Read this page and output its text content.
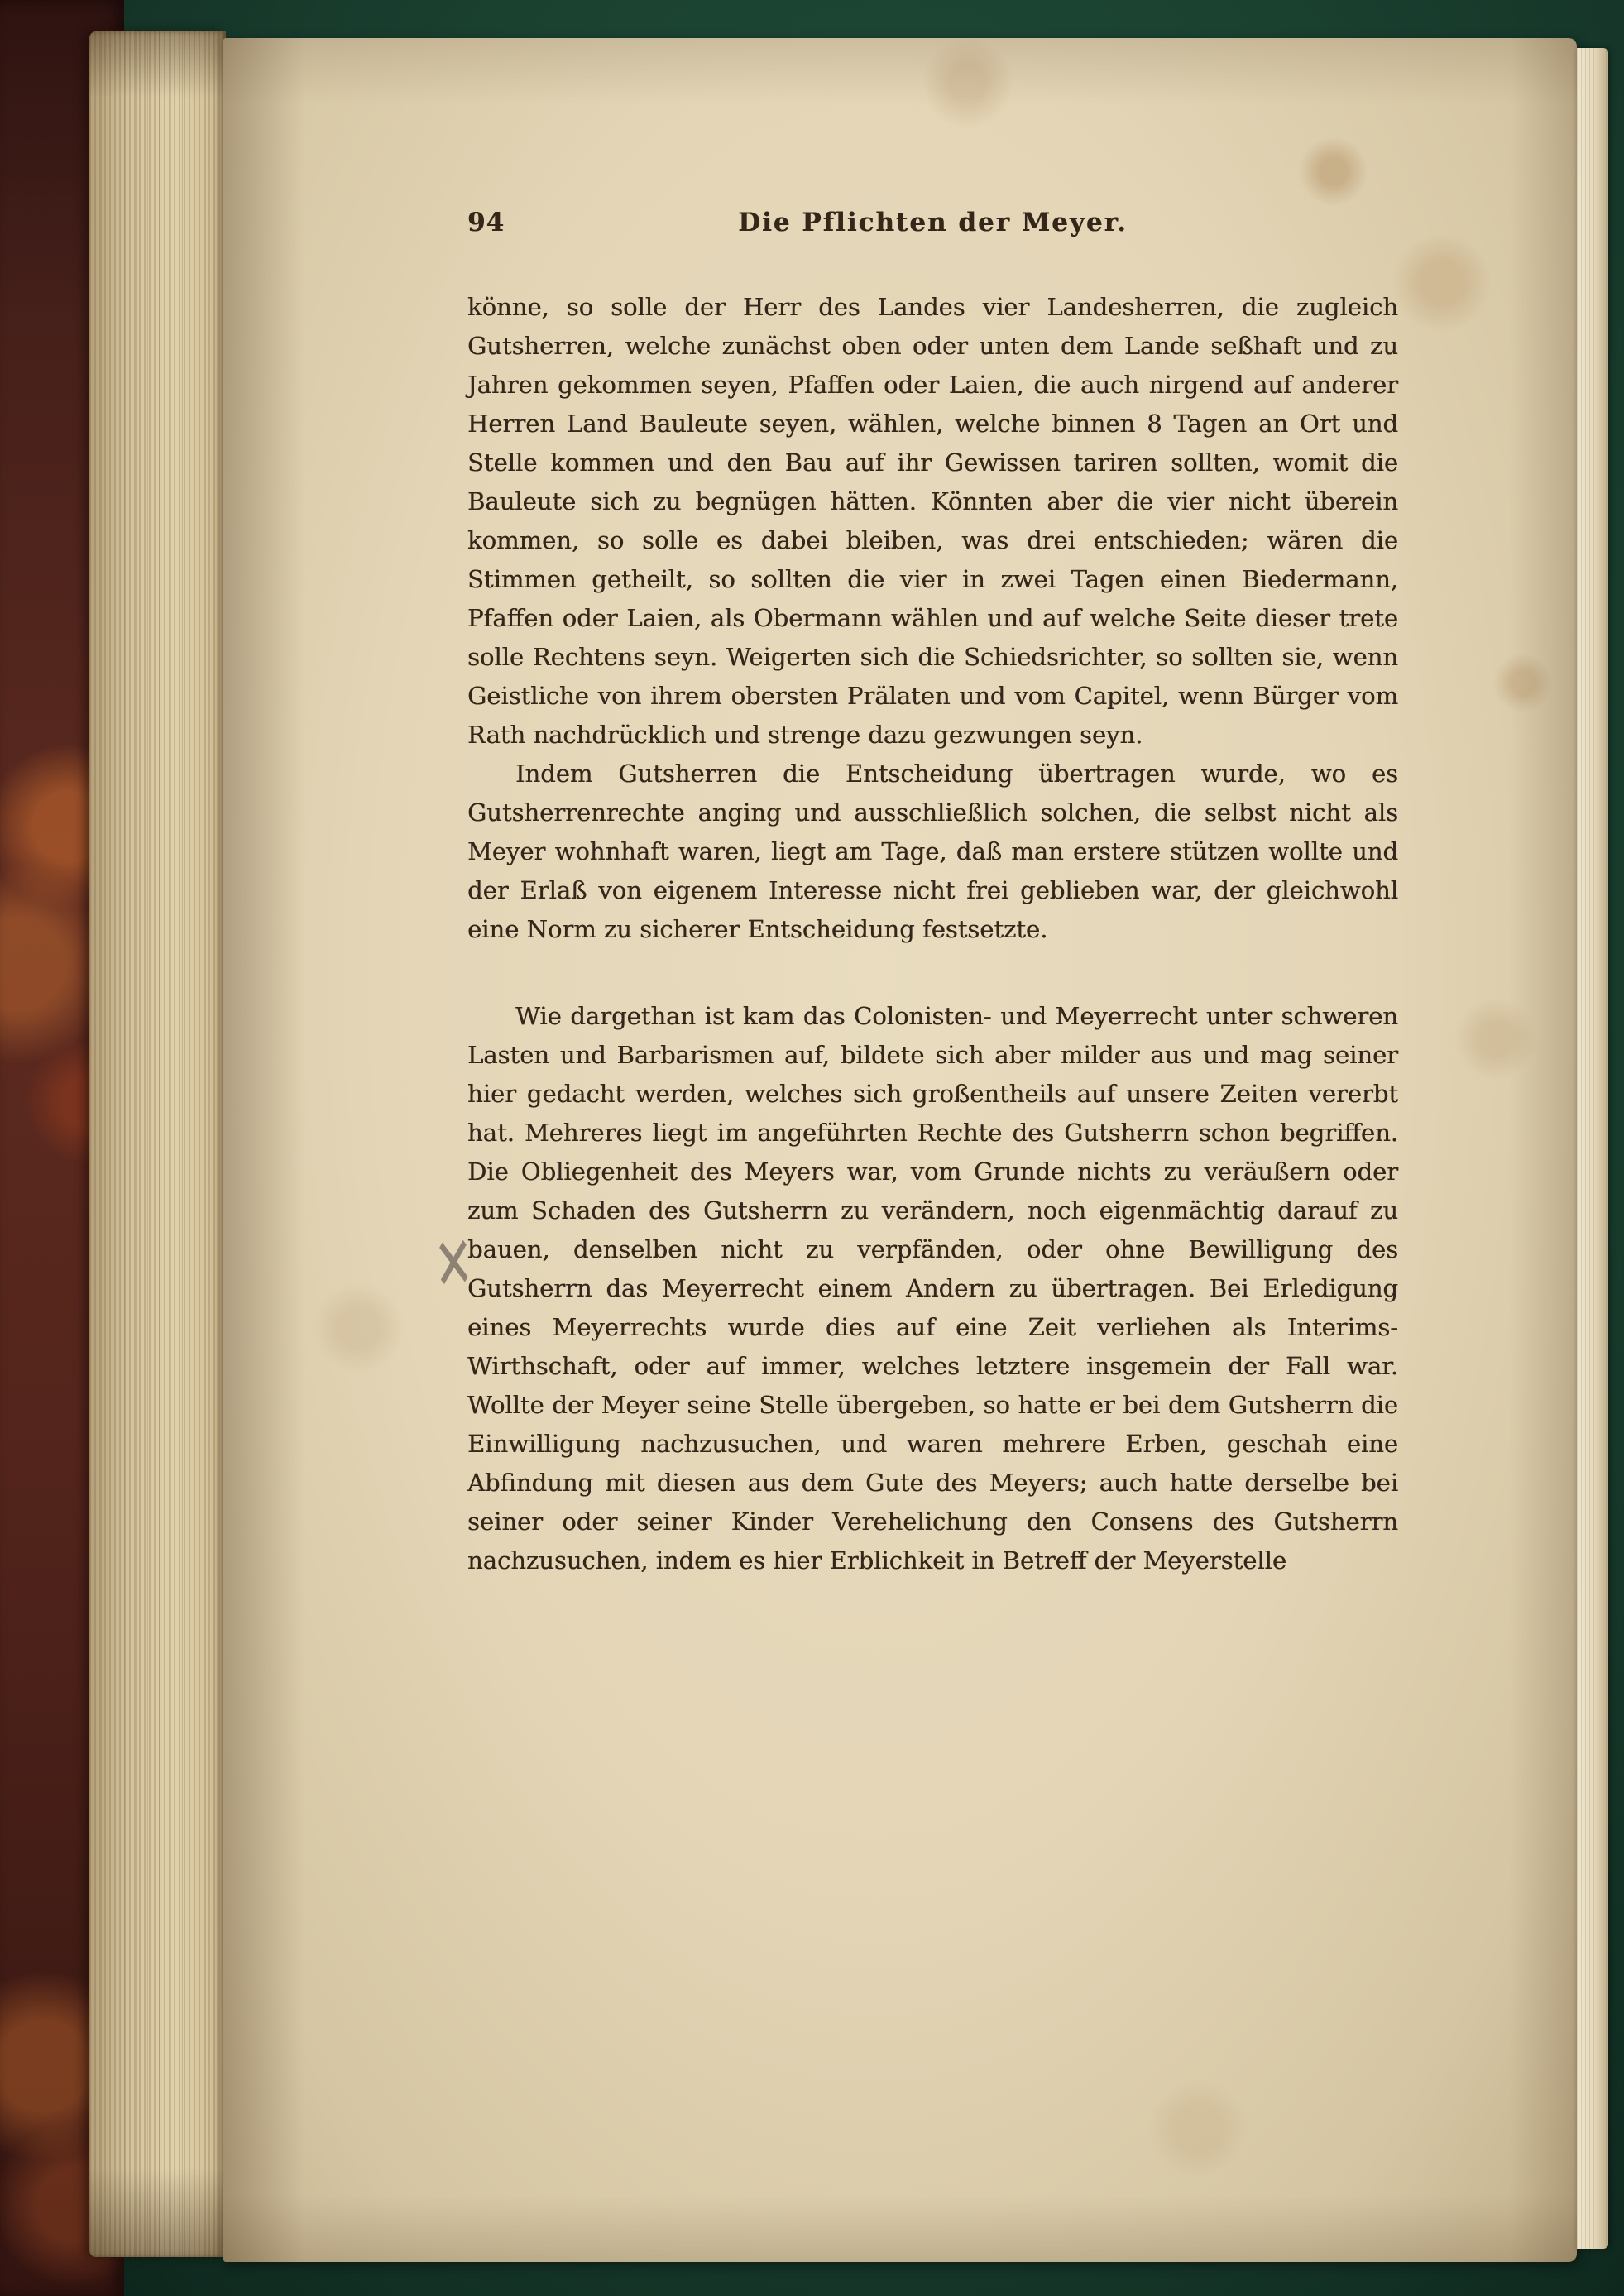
✕
94	Die Pflichten der Meyer.

könne, so solle der Herr des Landes vier Landesherren, die zugleich Gutsherren, welche zunächst oben oder unten dem Lande seßhaft und zu Jahren gekommen seyen, Pfaffen oder Laien, die auch nirgend auf anderer Herren Land Bauleute seyen, wählen, welche binnen 8 Tagen an Ort und Stelle kommen und den Bau auf ihr Gewissen tariren sollten, womit die Bauleute sich zu begnügen hätten. Könnten aber die vier nicht überein kommen, so solle es dabei bleiben, was drei entschieden; wären die Stimmen getheilt, so sollten die vier in zwei Tagen einen Biedermann, Pfaffen oder Laien, als Obermann wählen und auf welche Seite dieser trete solle Rechtens seyn. Weigerten sich die Schiedsrichter, so sollten sie, wenn Geistliche von ihrem obersten Prälaten und vom Capitel, wenn Bürger vom Rath nachdrücklich und strenge dazu gezwungen seyn.

Indem Gutsherren die Entscheidung übertragen wurde, wo es Gutsherrenrechte anging und ausschließlich solchen, die selbst nicht als Meyer wohnhaft waren, liegt am Tage, daß man erstere stützen wollte und der Erlaß von eigenem Interesse nicht frei geblieben war, der gleichwohl eine Norm zu sicherer Entscheidung festsetzte.

Wie dargethan ist kam das Colonisten- und Meyerrecht unter schweren Lasten und Barbarismen auf, bildete sich aber milder aus und mag seiner hier gedacht werden, welches sich großentheils auf unsere Zeiten vererbt hat. Mehreres liegt im angeführten Rechte des Gutsherrn schon begriffen. Die Obliegenheit des Meyers war, vom Grunde nichts zu veräußern oder zum Schaden des Gutsherrn zu verändern, noch eigenmächtig darauf zu bauen, denselben nicht zu verpfänden, oder ohne Bewilligung des Gutsherrn das Meyerrecht einem Andern zu übertragen. Bei Erledigung eines Meyerrechts wurde dies auf eine Zeit verliehen als Interims-Wirthschaft, oder auf immer, welches letztere insgemein der Fall war. Wollte der Meyer seine Stelle übergeben, so hatte er bei dem Gutsherrn die Einwilligung nachzusuchen, und waren mehrere Erben, geschah eine Abfindung mit diesen aus dem Gute des Meyers; auch hatte derselbe bei seiner oder seiner Kinder Verehelichung den Consens des Gutsherrn nachzusuchen, indem es hier Erblichkeit in Betreff der Meyerstelle
